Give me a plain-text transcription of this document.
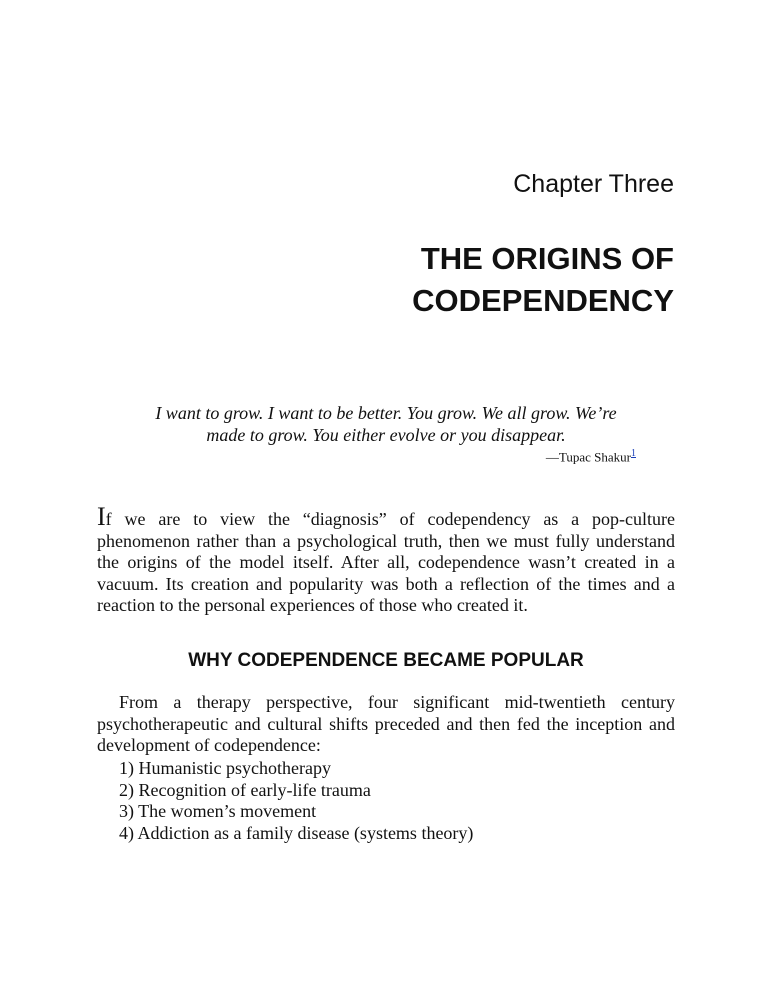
Chapter Three
THE ORIGINS OF
CODEPENDENCY

I want to grow. I want to be better. You grow. We all grow. We’re
made to grow. You either evolve or you disappear.

—Tupac Shakur$^1$

If we are to view the “diagnosis” of codependency as a pop-culture phenomenon rather than a psychological truth, then we must fully understand the origins of the model itself. After all, codependence wasn’t created in a vacuum. Its creation and popularity was both a reflection of the times and a reaction to the personal experiences of those who created it.

WHY CODEPENDENCE BECAME POPULAR

From a therapy perspective, four significant mid-twentieth century psychotherapeutic and cultural shifts preceded and then fed the inception and development of codependence:

1) Humanistic psychotherapy
2) Recognition of early-life trauma
3) The women’s movement
4) Addiction as a family disease (systems theory)
